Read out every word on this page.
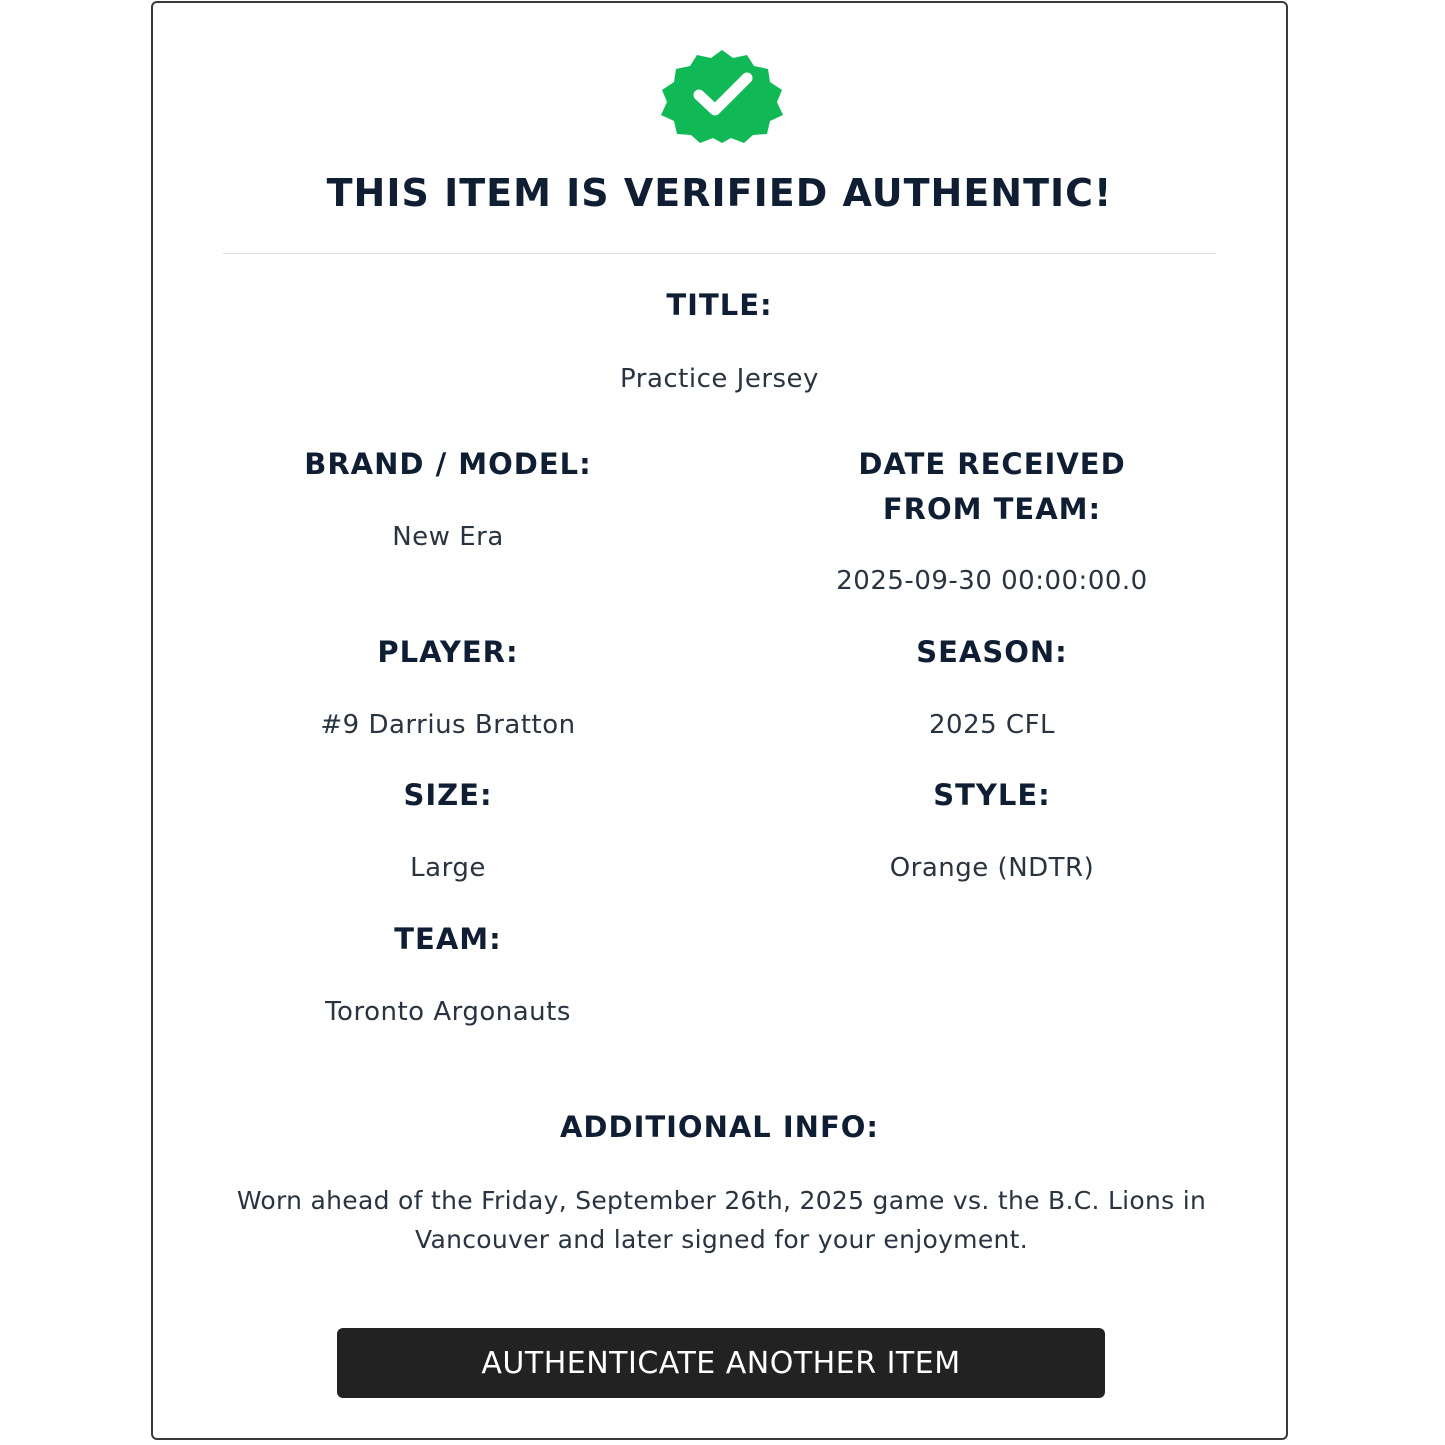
THIS ITEM IS VERIFIED AUTHENTIC!
TITLE:
Practice Jersey
BRAND / MODEL:
New Era
DATE RECEIVED
FROM TEAM:
2025-09-30 00:00:00.0
PLAYER:
#9 Darrius Bratton
SEASON:
2025 CFL
SIZE:
Large
STYLE:
Orange (NDTR)
TEAM:
Toronto Argonauts
ADDITIONAL INFO:
Worn ahead of the Friday, September 26th, 2025 game vs. the B.C. Lions in Vancouver and later signed for your enjoyment.
AUTHENTICATE ANOTHER ITEM
